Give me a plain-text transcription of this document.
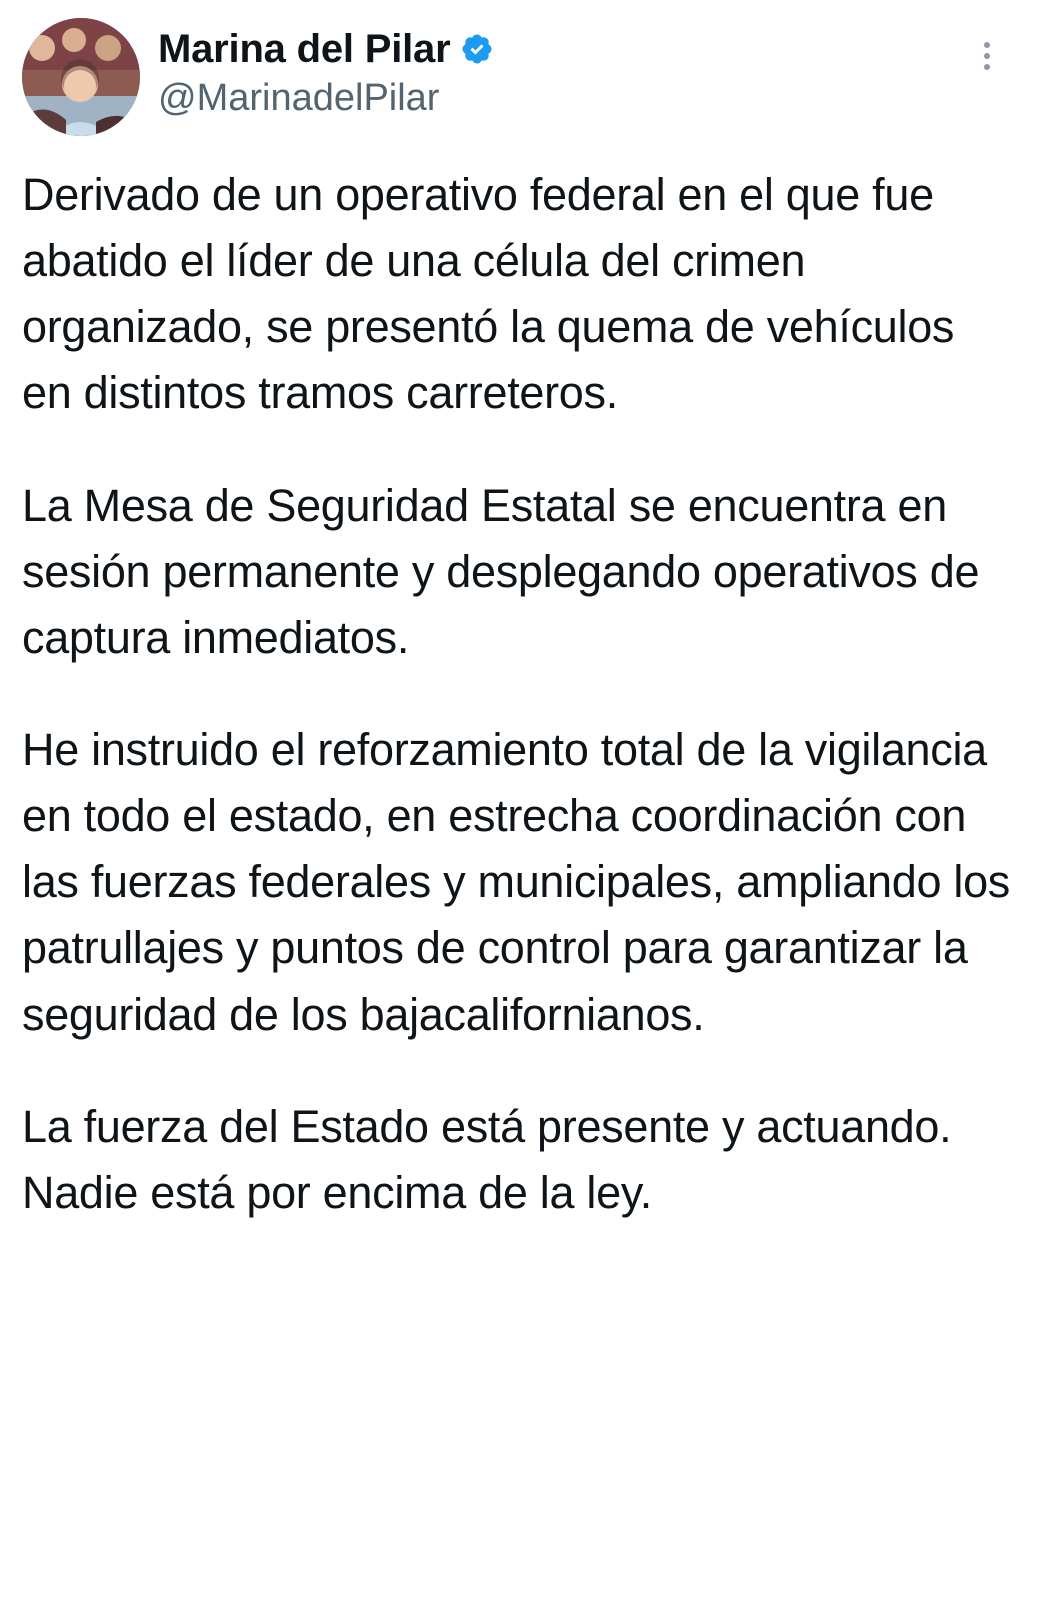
Marina del Pilar
@MarinadelPilar

Derivado de un operativo federal en el que fue abatido el líder de una célula del crimen organizado, se presentó la quema de vehículos en distintos tramos carreteros.

La Mesa de Seguridad Estatal se encuentra en sesión permanente y desplegando operativos de captura inmediatos.

He instruido el reforzamiento total de la vigilancia en todo el estado, en estrecha coordinación con las fuerzas federales y municipales, ampliando los patrullajes y puntos de control para garantizar la seguridad de los bajacalifornianos.

La fuerza del Estado está presente y actuando. Nadie está por encima de la ley.
